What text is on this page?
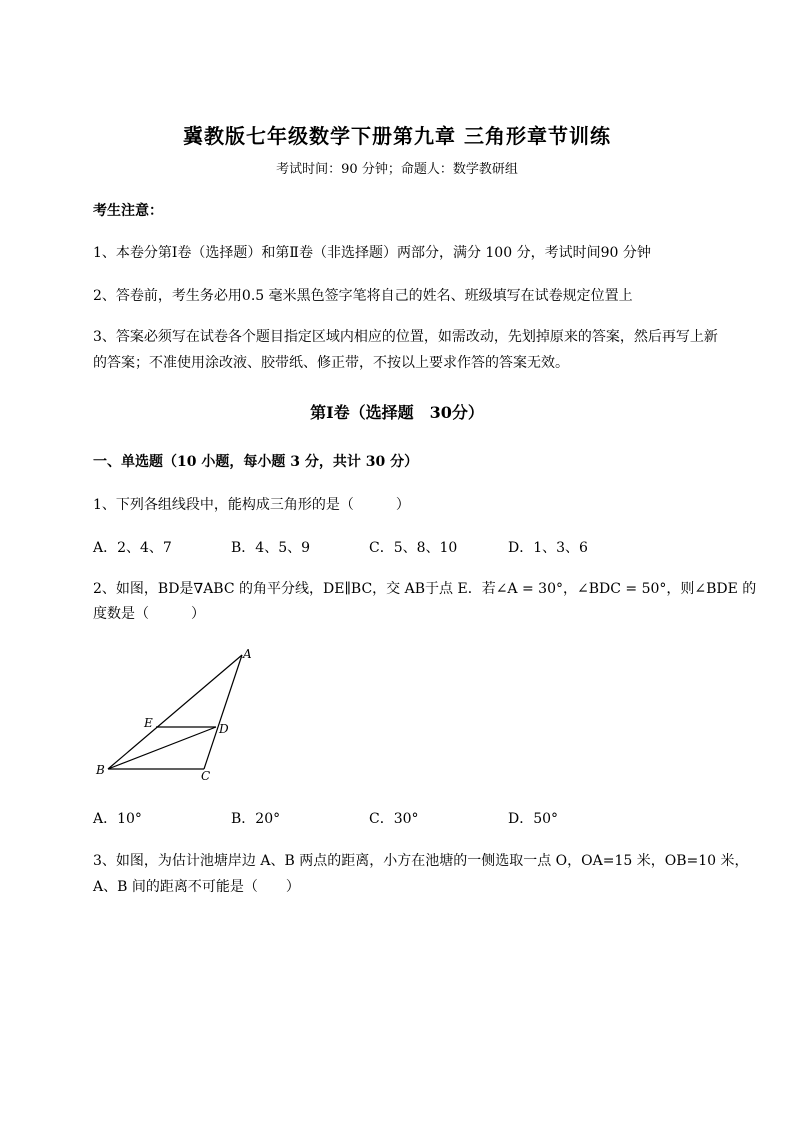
冀教版七年级数学下册第九章 三角形章节训练
考试时间：90 分钟；命题人：数学教研组
考生注意：
1、本卷分第Ⅰ卷（选择题）和第Ⅱ卷（非选择题）两部分，满分 100 分，考试时间90 分钟
2、答卷前，考生务必用0.5 毫米黑色签字笔将自己的姓名、班级填写在试卷规定位置上
3、答案必须写在试卷各个题目指定区域内相应的位置，如需改动，先划掉原来的答案，然后再写上新
的答案；不准使用涂改液、胶带纸、修正带，不按以上要求作答的答案无效。
第Ⅰ卷（选择题　30分）
一、单选题（10 小题，每小题 3 分，共计 30 分）
1、下列各组线段中，能构成三角形的是（　　　）
A．2、4、7	B．4、5、9	C．5、8、10	D．1、3、6
2、如图，BD是∇ABC 的角平分线，DE∥BC，交 AB于点 E．若∠A = 30°，∠BDC = 50°，则∠BDE 的
度数是（　　　）
A
E	D
B	C
A．10°	B．20°	C．30°	D．50°
3、如图，为估计池塘岸边 A、B 两点的距离，小方在池塘的一侧选取一点 O，OA=15 米，OB=10 米，
A、B 间的距离不可能是（　　）
